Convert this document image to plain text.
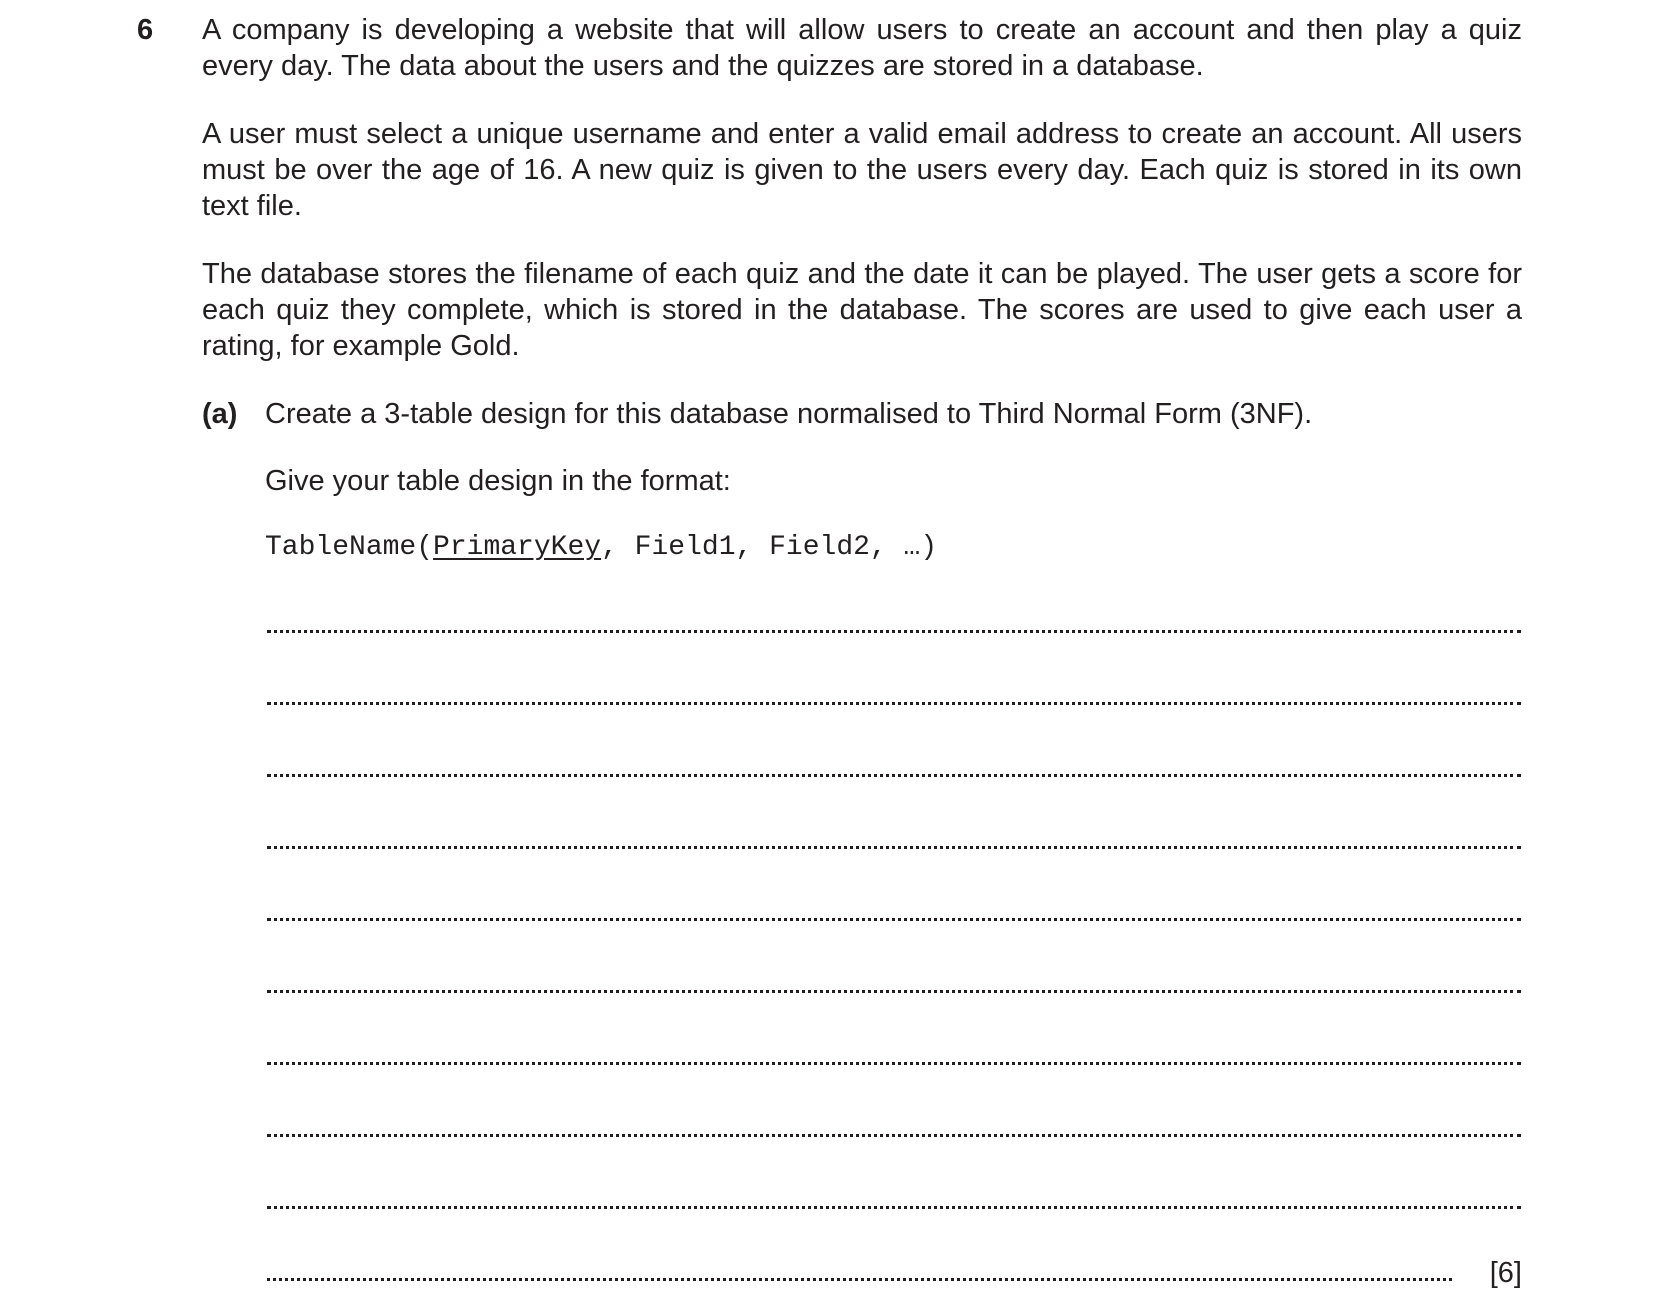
6 A company is developing a website that will allow users to create an account and then play a quiz every day. The data about the users and the quizzes are stored in a database.
A user must select a unique username and enter a valid email address to create an account. All users must be over the age of 16. A new quiz is given to the users every day. Each quiz is stored in its own text file.
The database stores the filename of each quiz and the date it can be played. The user gets a score for each quiz they complete, which is stored in the database. The scores are used to give each user a rating, for example Gold.
(a) Create a 3-table design for this database normalised to Third Normal Form (3NF).
Give your table design in the format:
TableName(PrimaryKey, Field1, Field2, …)
[6]
